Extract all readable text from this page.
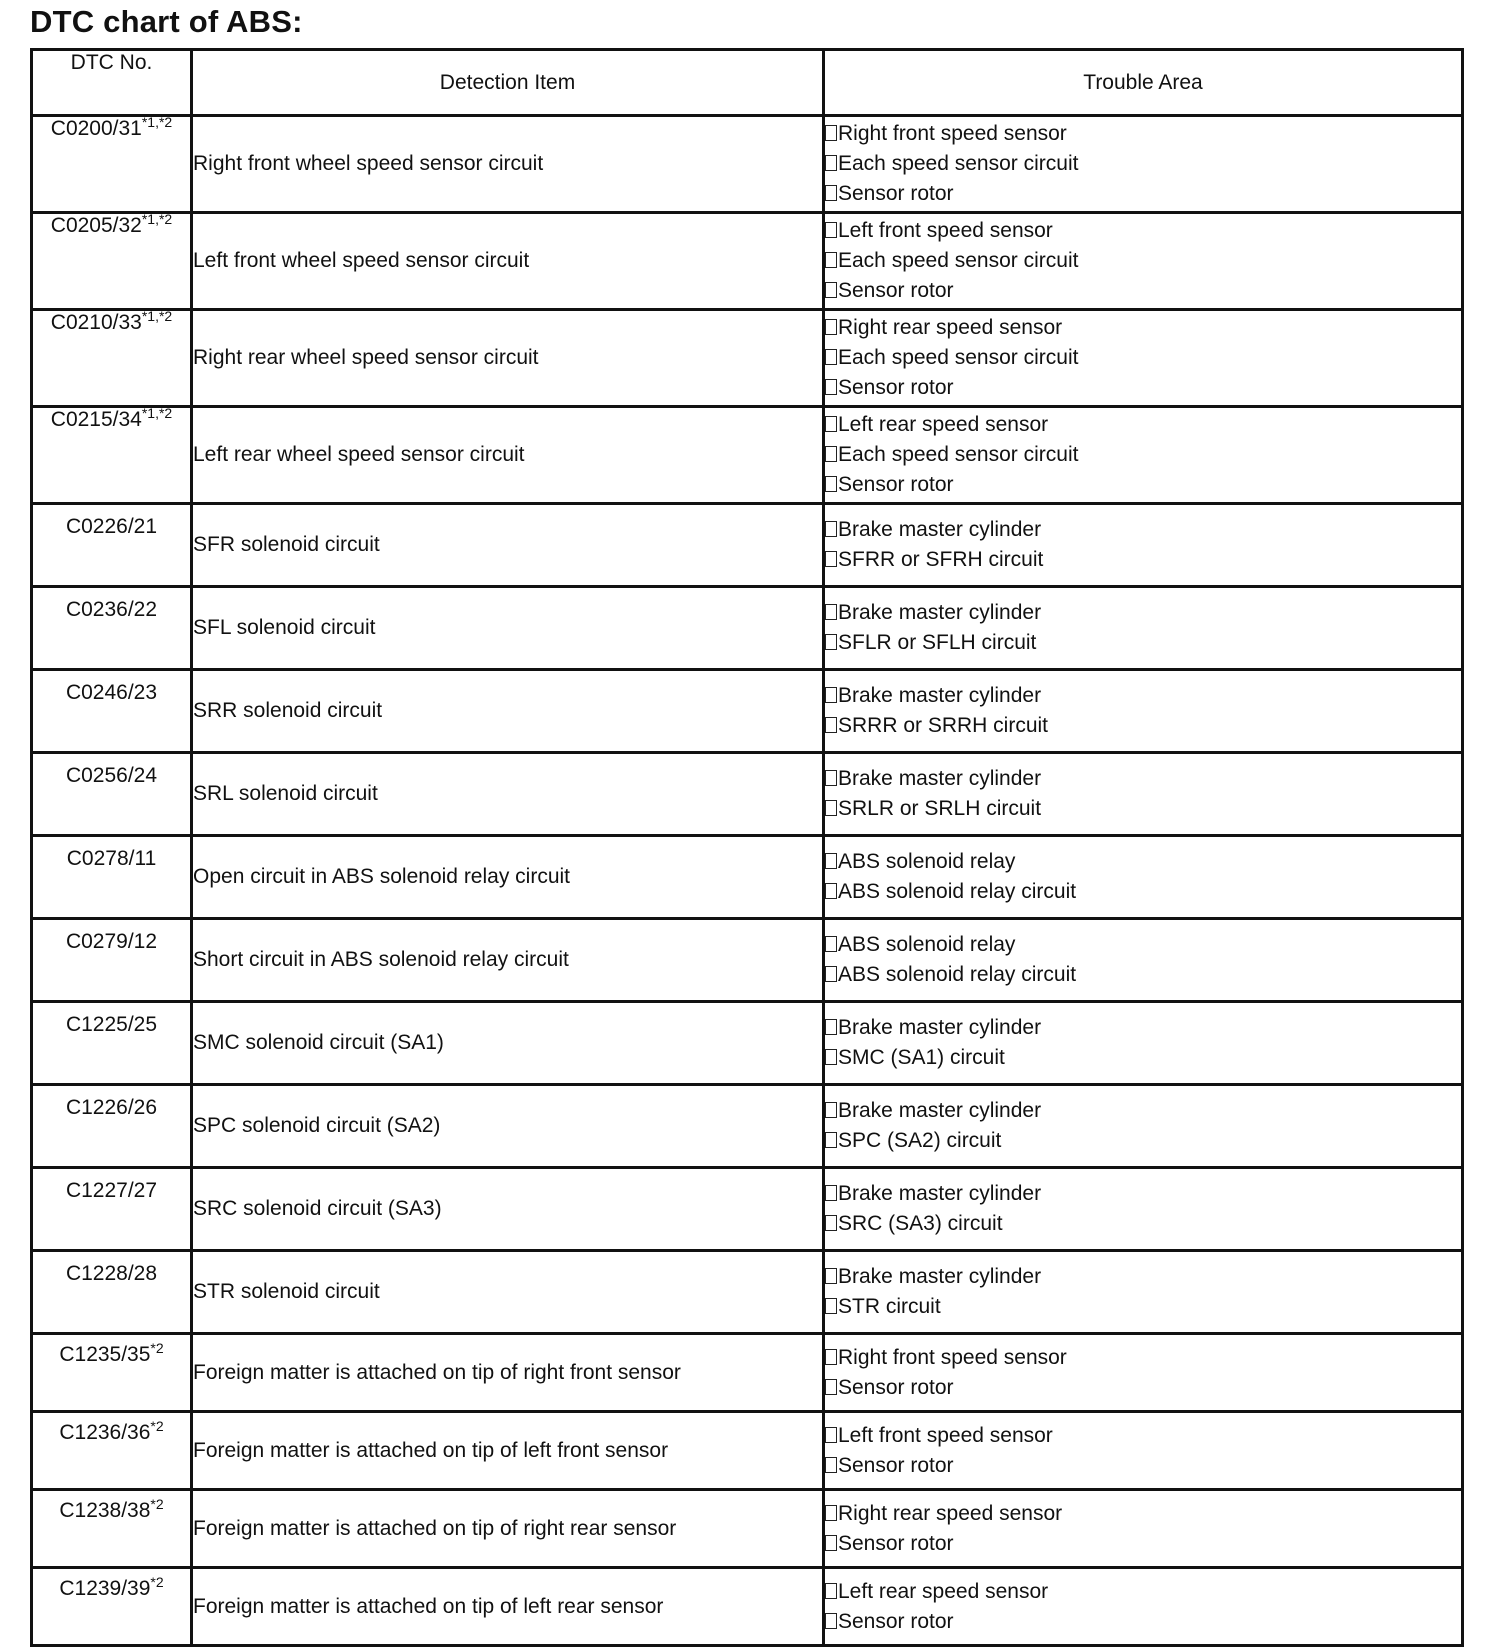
DTC chart of ABS:
DTC No.	Detection Item	Trouble Area
$C0200/31^{*1,*2}$	Right front wheel speed sensor circuit	Right front speed sensor
Each speed sensor circuit
Sensor rotor

$C0205/32^{*1,*2}$	Left front wheel speed sensor circuit	Left front speed sensor
Each speed sensor circuit
Sensor rotor

$C0210/33^{*1,*2}$	Right rear wheel speed sensor circuit	Right rear speed sensor
Each speed sensor circuit
Sensor rotor

$C0215/34^{*1,*2}$	Left rear wheel speed sensor circuit	Left rear speed sensor
Each speed sensor circuit
Sensor rotor

C0226/21	SFR solenoid circuit	Brake master cylinder
SFRR or SFRH circuit

C0236/22	SFL solenoid circuit	Brake master cylinder
SFLR or SFLH circuit

C0246/23	SRR solenoid circuit	Brake master cylinder
SRRR or SRRH circuit

C0256/24	SRL solenoid circuit	Brake master cylinder
SRLR or SRLH circuit

C0278/11	Open circuit in ABS solenoid relay circuit	ABS solenoid relay
ABS solenoid relay circuit

C0279/12	Short circuit in ABS solenoid relay circuit	ABS solenoid relay
ABS solenoid relay circuit

C1225/25	SMC solenoid circuit (SA1)	Brake master cylinder
SMC (SA1) circuit

C1226/26	SPC solenoid circuit (SA2)	Brake master cylinder
SPC (SA2) circuit

C1227/27	SRC solenoid circuit (SA3)	Brake master cylinder
SRC (SA3) circuit

C1228/28	STR solenoid circuit	Brake master cylinder
STR circuit

C1235/35$^{*2}$	Foreign matter is attached on tip of right front sensor	Right front speed sensor
Sensor rotor

C1236/36$^{*2}$	Foreign matter is attached on tip of left front sensor	Left front speed sensor
Sensor rotor

C1238/38$^{*2}$	Foreign matter is attached on tip of right rear sensor	Right rear speed sensor
Sensor rotor

C1239/39$^{*2}$	Foreign matter is attached on tip of left rear sensor	Left rear speed sensor
Sensor rotor
